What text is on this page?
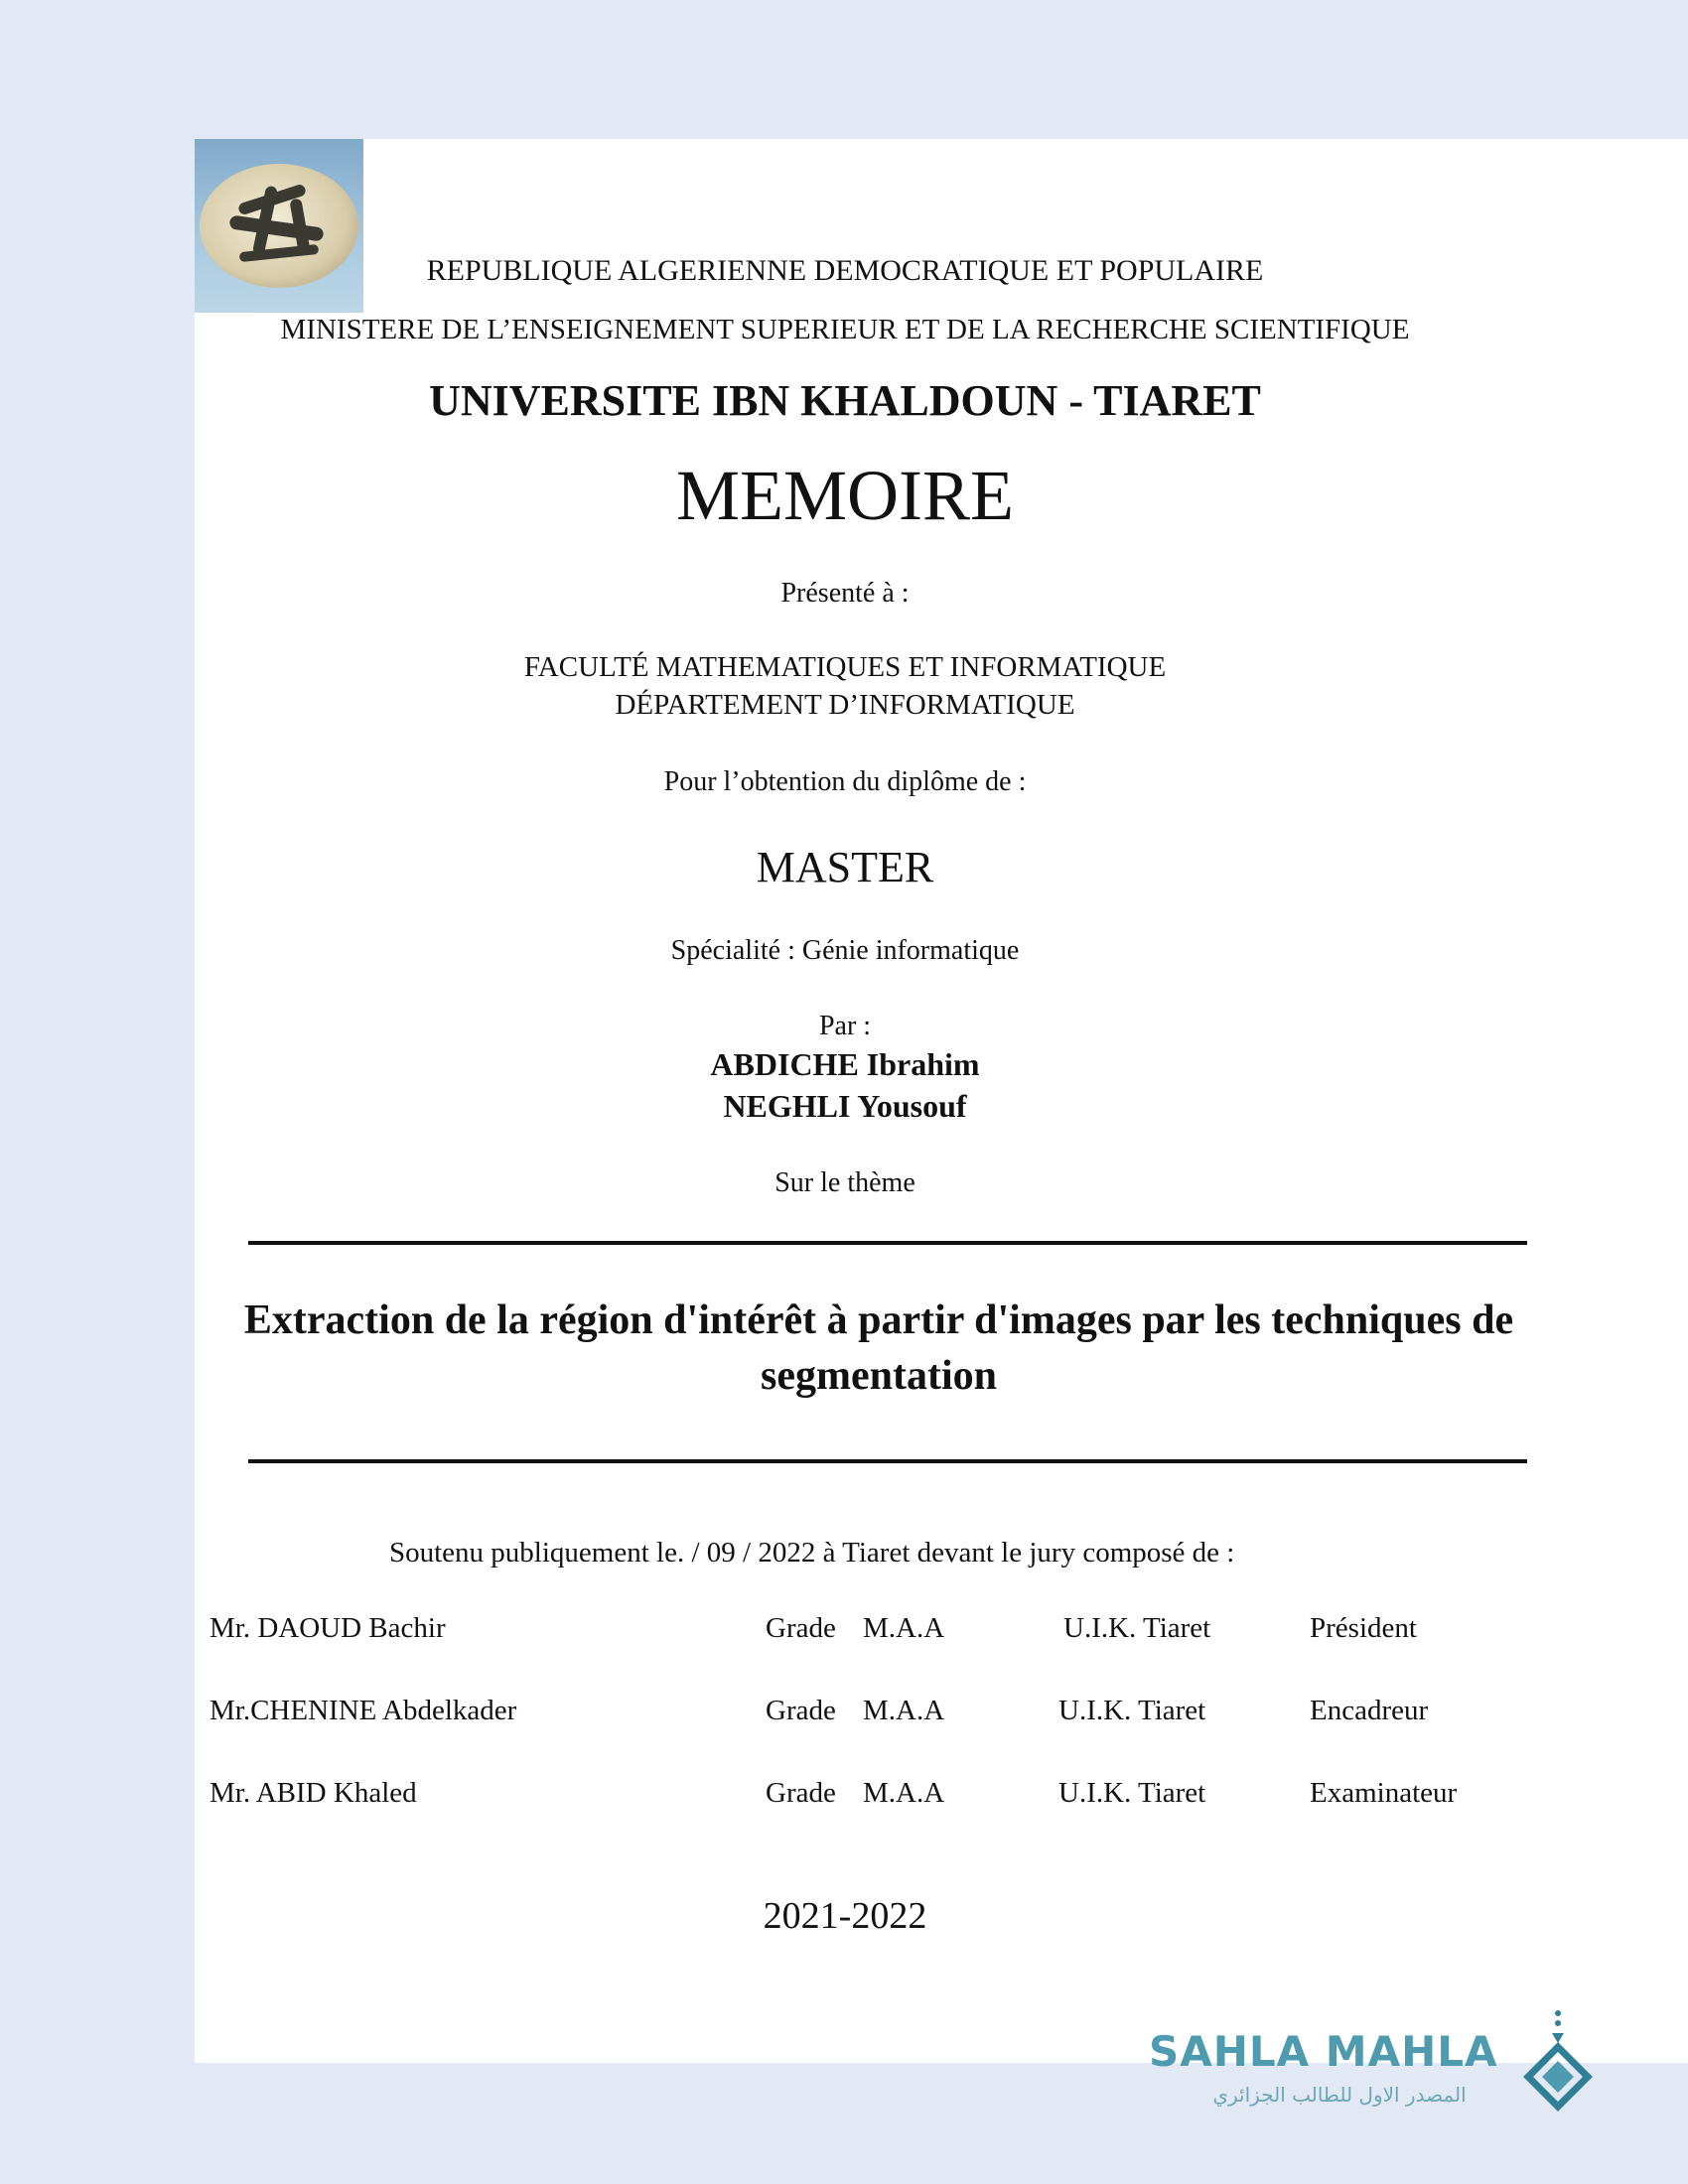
REPUBLIQUE ALGERIENNE DEMOCRATIQUE ET POPULAIRE
MINISTERE DE L’ENSEIGNEMENT SUPERIEUR ET DE LA RECHERCHE SCIENTIFIQUE
UNIVERSITE IBN KHALDOUN - TIARET
MEMOIRE
Présenté à :
FACULTÉ MATHEMATIQUES ET INFORMATIQUE
DÉPARTEMENT D’INFORMATIQUE
Pour l’obtention du diplôme de :
MASTER
Spécialité : Génie informatique
Par :
ABDICHE Ibrahim
NEGHLI Yousouf
Sur le thème
Extraction de la région d'intérêt à partir d'images par les techniques de segmentation
Soutenu publiquement le. / 09 / 2022 à Tiaret devant le jury composé de :
Mr. DAOUD Bachir	Grade M.A.A	U.I.K. Tiaret	Président
Mr.CHENINE Abdelkader	Grade M.A.A	U.I.K. Tiaret	Encadreur
Mr. ABID Khaled	Grade M.A.A	U.I.K. Tiaret	Examinateur
2021-2022
SAHLA MAHLA
المصدر الاول للطالب الجزائري
